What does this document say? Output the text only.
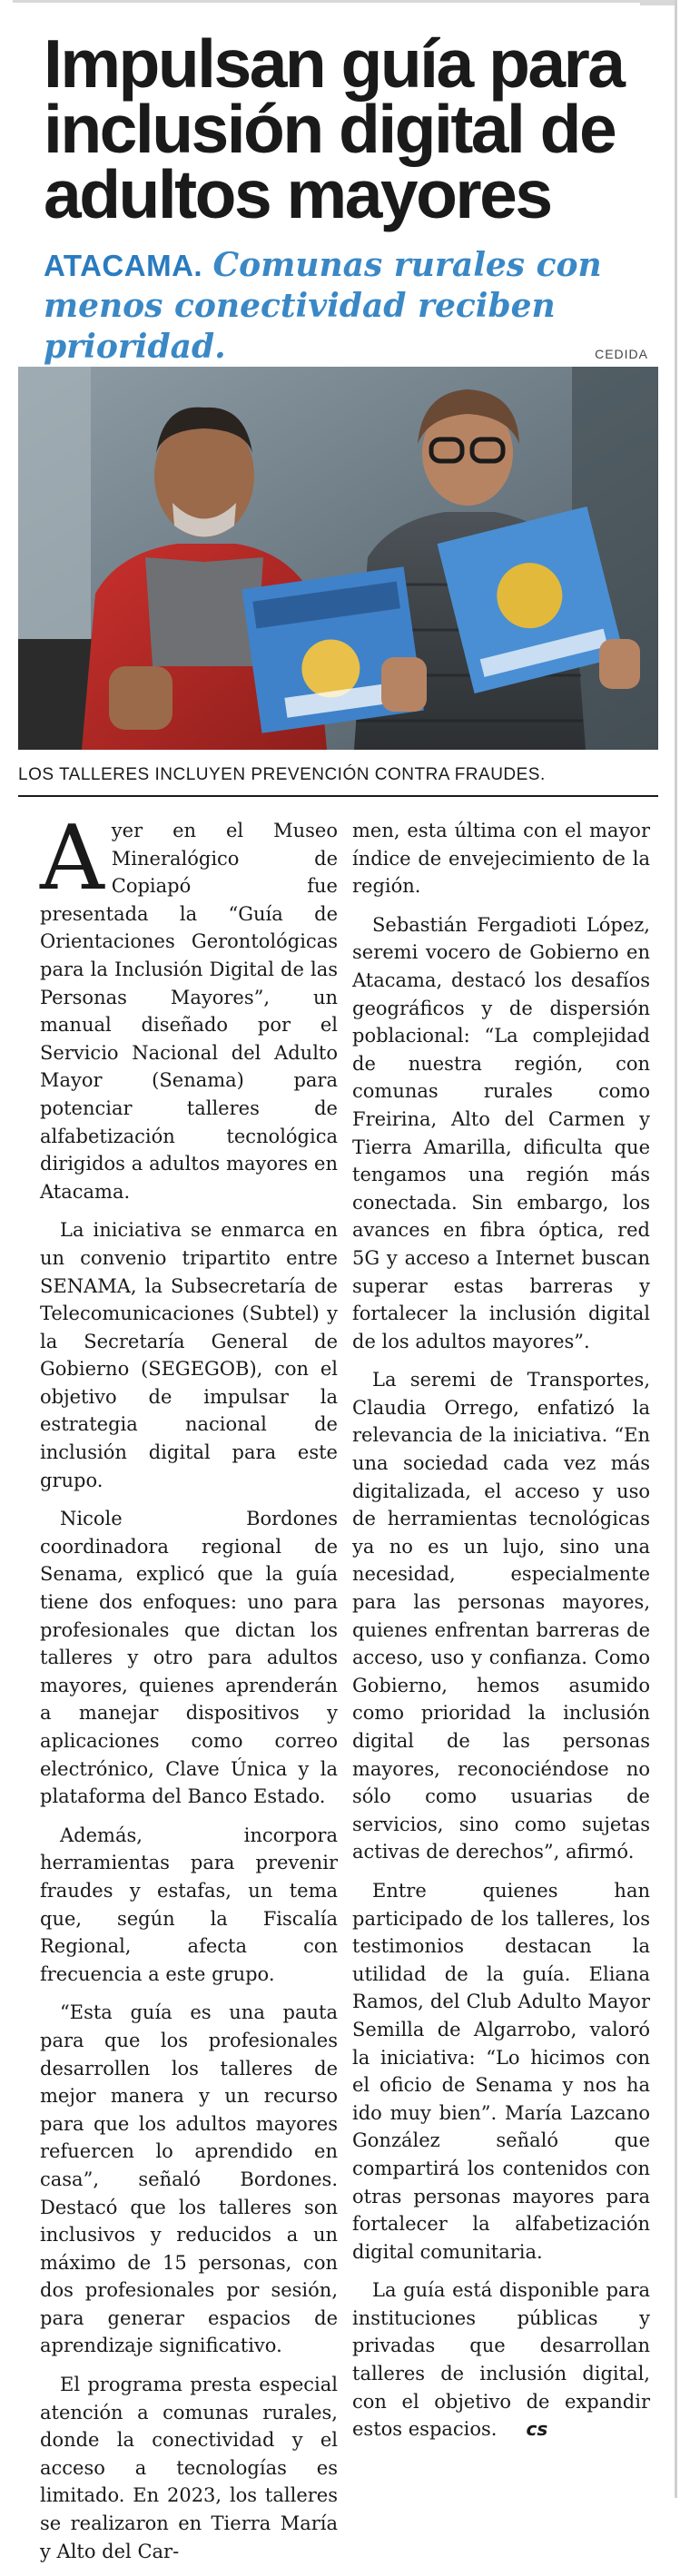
Impulsan guía para inclusión digital de adultos mayores
ATACAMA. Comunas rurales con menos conectividad reciben prioridad.	CEDIDA
LOS TALLERES INCLUYEN PREVENCIÓN CONTRA FRAUDES.

Ayer en el Museo Mineralógico de Copiapó fue presentada la “Guía de Orientaciones Gerontológicas para la Inclusión Digital de las Personas Mayores”, un manual diseñado por el Servicio Nacional del Adulto Mayor (Senama) para potenciar talleres de alfabetización tecnológica dirigidos a adultos mayores en Atacama.

La iniciativa se enmarca en un convenio tripartito entre SENAMA, la Subsecretaría de Telecomunicaciones (Subtel) y la Secretaría General de Gobierno (SEGEGOB), con el objetivo de impulsar la estrategia nacional de inclusión digital para este grupo.

Nicole Bordones coordinadora regional de Senama, explicó que la guía tiene dos enfoques: uno para profesionales que dictan los talleres y otro para adultos mayores, quienes aprenderán a manejar dispositivos y aplicaciones como correo electrónico, Clave Única y la plataforma del Banco Estado.

Además, incorpora herramientas para prevenir fraudes y estafas, un tema que, según la Fiscalía Regional, afecta con frecuencia a este grupo.

“Esta guía es una pauta para que los profesionales desarrollen los talleres de mejor manera y un recurso para que los adultos mayores refuercen lo aprendido en casa”, señaló Bordones. Destacó que los talleres son inclusivos y reducidos a un máximo de 15 personas, con dos profesionales por sesión, para generar espacios de aprendizaje significativo.

El programa presta especial atención a comunas rurales, donde la conectividad y el acceso a tecnologías es limitado. En 2023, los talleres se realizaron en Tierra María y Alto del Car-

men, esta última con el mayor índice de envejecimiento de la región.

Sebastián Fergadioti López, seremi vocero de Gobierno en Atacama, destacó los desafíos geográficos y de dispersión poblacional: “La complejidad de nuestra región, con comunas rurales como Freirina, Alto del Carmen y Tierra Amarilla, dificulta que tengamos una región más conectada. Sin embargo, los avances en fibra óptica, red 5G y acceso a Internet buscan superar estas barreras y fortalecer la inclusión digital de los adultos mayores”.

La seremi de Transportes, Claudia Orrego, enfatizó la relevancia de la iniciativa. “En una sociedad cada vez más digitalizada, el acceso y uso de herramientas tecnológicas ya no es un lujo, sino una necesidad, especialmente para las personas mayores, quienes enfrentan barreras de acceso, uso y confianza. Como Gobierno, hemos asumido como prioridad la inclusión digital de las personas mayores, reconociéndose no sólo como usuarias de servicios, sino como sujetas activas de derechos”, afirmó.

Entre quienes han participado de los talleres, los testimonios destacan la utilidad de la guía. Eliana Ramos, del Club Adulto Mayor Semilla de Algarrobo, valoró la iniciativa: “Lo hicimos con el oficio de Senama y nos ha ido muy bien”. María Lazcano González señaló que compartirá los contenidos con otras personas mayores para fortalecer la alfabetización digital comunitaria.

La guía está disponible para instituciones públicas y privadas que desarrollan talleres de inclusión digital, con el objetivo de expandir estos espacios. cs
